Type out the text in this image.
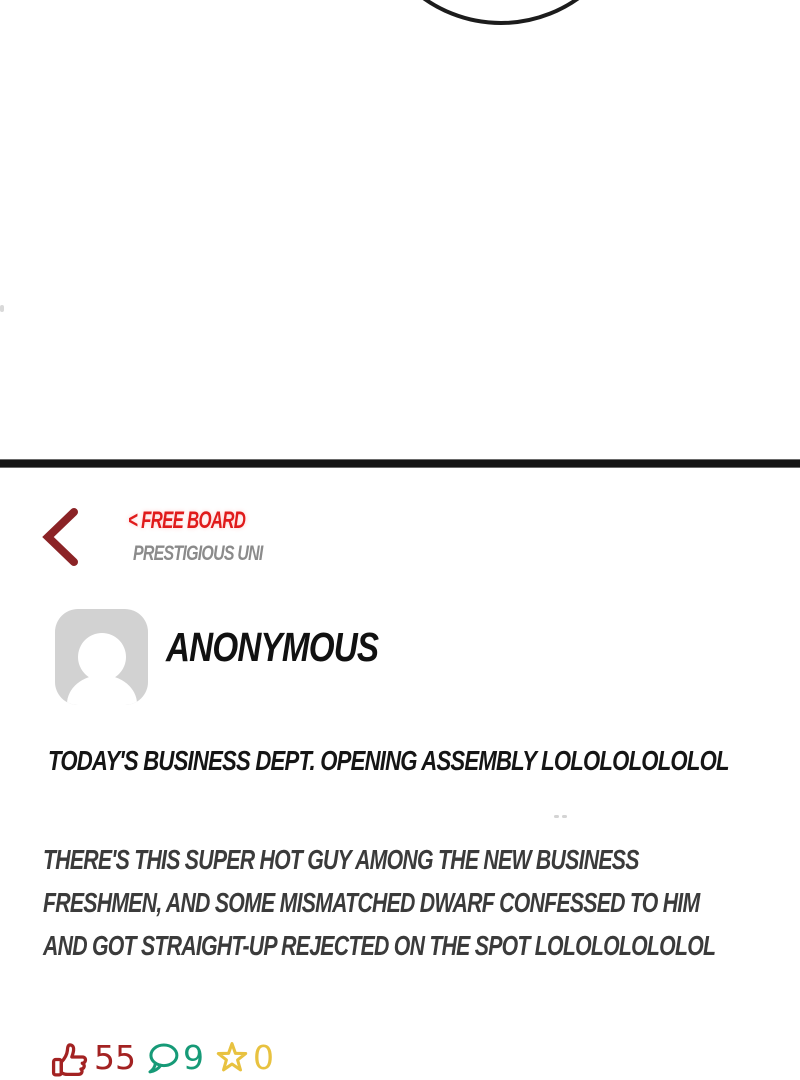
< FREE BOARD
PRESTIGIOUS UNI
ANONYMOUS
TODAY'S BUSINESS DEPT. OPENING ASSEMBLY LOLOLOLOLOLOL
THERE'S THIS SUPER HOT GUY AMONG THE NEW BUSINESS
FRESHMEN, AND SOME MISMATCHED DWARF CONFESSED TO HIM
AND GOT STRAIGHT-UP REJECTED ON THE SPOT LOLOLOLOLOLOL
55 9 0
